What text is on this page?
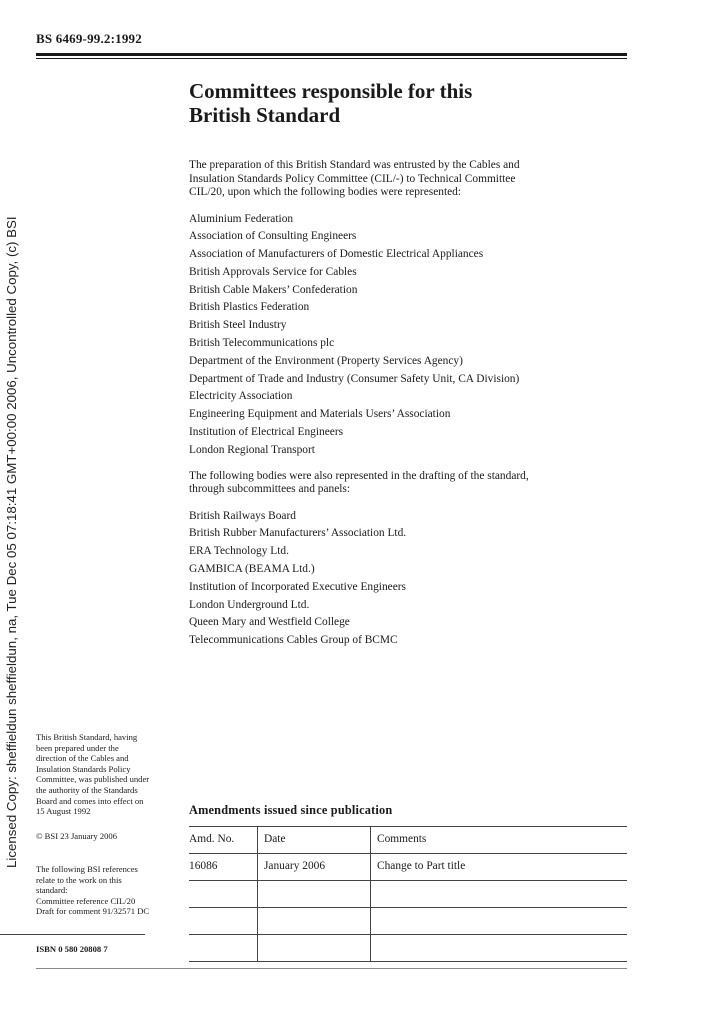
BS 6469-99.2:1992
Licensed Copy: sheffieldun sheffieldun, na, Tue Dec 05 07:18:41 GMT+00:00 2006, Uncontrolled Copy, (c) BSI
Committees responsible for this
British Standard

The preparation of this British Standard was entrusted by the Cables and
Insulation Standards Policy Committee (CIL/-) to Technical Committee
CIL/20, upon which the following bodies were represented:

Aluminium Federation
Association of Consulting Engineers
Association of Manufacturers of Domestic Electrical Appliances
British Approvals Service for Cables
British Cable Makers’ Confederation
British Plastics Federation
British Steel Industry
British Telecommunications plc
Department of the Environment (Property Services Agency)
Department of Trade and Industry (Consumer Safety Unit, CA Division)
Electricity Association
Engineering Equipment and Materials Users’ Association
Institution of Electrical Engineers
London Regional Transport

The following bodies were also represented in the drafting of the standard,
through subcommittees and panels:

British Railways Board
British Rubber Manufacturers’ Association Ltd.
ERA Technology Ltd.
GAMBICA (BEAMA Ltd.)
Institution of Incorporated Executive Engineers
London Underground Ltd.
Queen Mary and Westfield College
Telecommunications Cables Group of BCMC

This British Standard, having
been prepared under the
direction of the Cables and
Insulation Standards Policy
Committee, was published under
the authority of the Standards
Board and comes into effect on
15 August 1992

© BSI 23 January 2006

The following BSI references
relate to the work on this
standard:
Committee reference CIL/20
Draft for comment 91/32571 DC

ISBN 0 580 20808 7
Amendments issued since publication
Amd. No.	Date	Comments
16086	January 2006	Change to Part title
